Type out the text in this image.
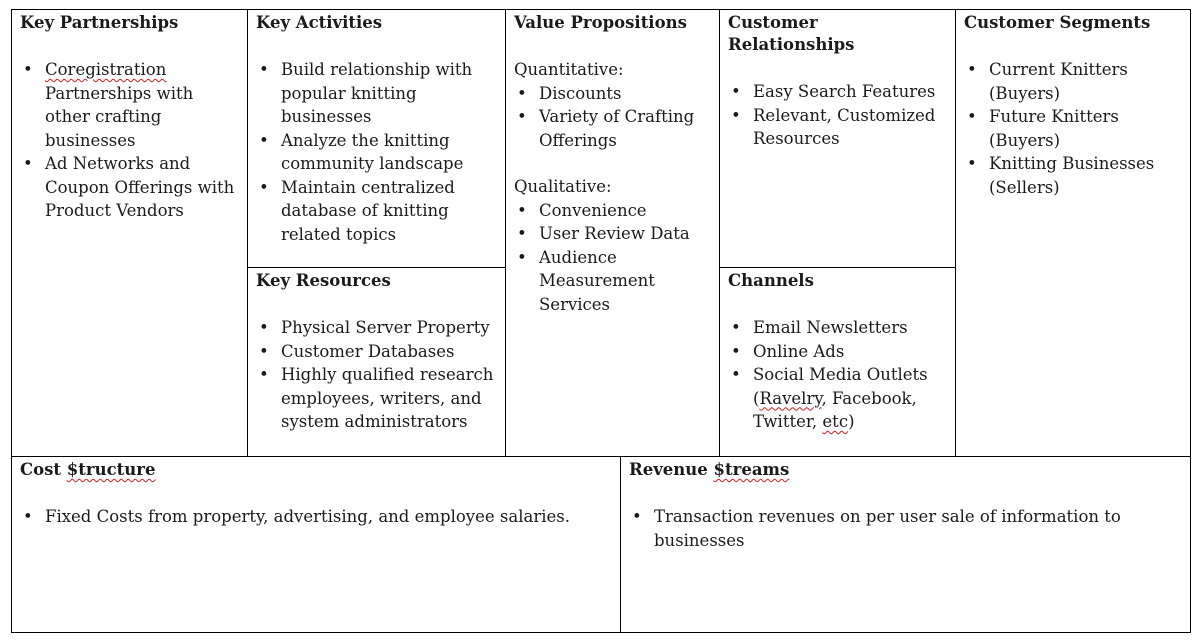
Key Partnerships
• Coregistration Partnerships with other crafting businesses
• Ad Networks and Coupon Offerings with Product Vendors
Key Activities
• Build relationship with popular knitting businesses
• Analyze the knitting community landscape
• Maintain centralized database of knitting related topics
Key Resources
• Physical Server Property
• Customer Databases
• Highly qualified research employees, writers, and system administrators
Value Propositions

Quantitative:

• Discounts
• Variety of Crafting Offerings

Qualitative:

• Convenience
• User Review Data
• Audience Measurement Services
Customer Relationships
• Easy Search Features
• Relevant, Customized Resources
Channels
• Email Newsletters
• Online Ads
• Social Media Outlets (Ravelry, Facebook, Twitter, etc)
Customer Segments
• Current Knitters (Buyers)
• Future Knitters (Buyers)
• Knitting Businesses (Sellers)
Cost $tructure
• Fixed Costs from property, advertising, and employee salaries.
Revenue $treams
• Transaction revenues on per user sale of information to businesses
